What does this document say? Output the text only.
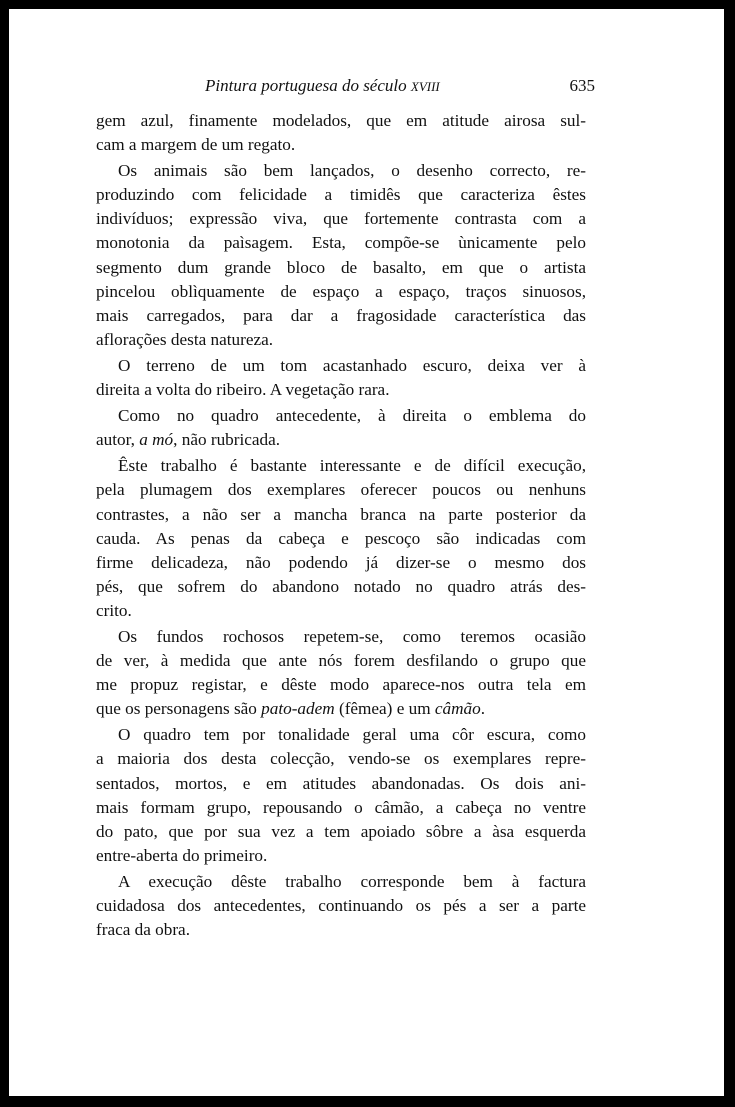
Pintura portuguesa do século XVIII	635
gem azul, finamente modelados, que em atitude airosa sul-
cam a margem de um regato.
Os animais são bem lançados, o desenho correcto, re-
produzindo com felicidade a timidês que caracteriza êstes
indivíduos; expressão viva, que fortemente contrasta com a
monotonia da paìsagem. Esta, compõe-se ùnicamente pelo
segmento dum grande bloco de basalto, em que o artista
pincelou oblìquamente de espaço a espaço, traços sinuosos,
mais carregados, para dar a fragosidade característica das
aflorações desta natureza.
O terreno de um tom acastanhado escuro, deixa ver à
direita a volta do ribeiro. A vegetação rara.
Como no quadro antecedente, à direita o emblema do
autor, a mó, não rubricada.
Êste trabalho é bastante interessante e de difícil execução,
pela plumagem dos exemplares oferecer poucos ou nenhuns
contrastes, a não ser a mancha branca na parte posterior da
cauda. As penas da cabeça e pescoço são indicadas com
firme delicadeza, não podendo já dizer-se o mesmo dos
pés, que sofrem do abandono notado no quadro atrás des-
crito.
Os fundos rochosos repetem-se, como teremos ocasião
de ver, à medida que ante nós forem desfilando o grupo que
me propuz registar, e dêste modo aparece-nos outra tela em
que os personagens são pato-adem (fêmea) e um câmão.
O quadro tem por tonalidade geral uma côr escura, como
a maioria dos desta colecção, vendo-se os exemplares repre-
sentados, mortos, e em atitudes abandonadas. Os dois ani-
mais formam grupo, repousando o câmão, a cabeça no ventre
do pato, que por sua vez a tem apoiado sôbre a àsa esquerda
entre-aberta do primeiro.
A execução dêste trabalho corresponde bem à factura
cuidadosa dos antecedentes, continuando os pés a ser a parte
fraca da obra.
